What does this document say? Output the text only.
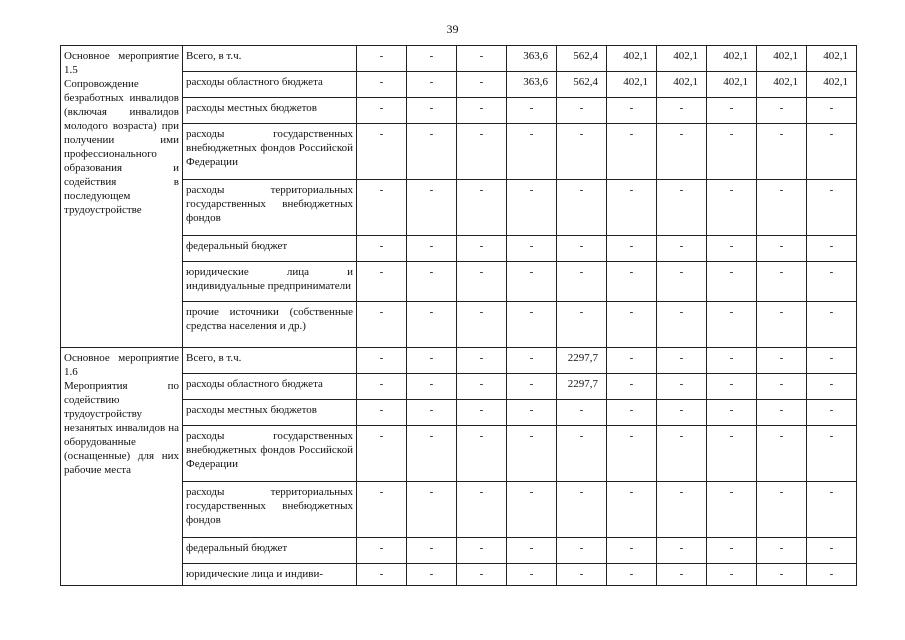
39
Основное мероприятие 1.5
Сопровождение безработных инвалидов (включая инвалидов молодого возраста) при получении ими профессионального образования и содействия в последующем трудоустройстве	Всего, в т.ч.	-	-	-	363,6	562,4	402,1	402,1	402,1	402,1	402,1
	расходы областного бюджета	-	-	-	363,6	562,4	402,1	402,1	402,1	402,1	402,1
	расходы местных бюджетов	-	-	-	-	-	-	-	-	-	-
	расходы государственных внебюджетных фондов Российской Федерации	-	-	-	-	-	-	-	-	-	-
	расходы территориальных государственных внебюджетных фондов	-	-	-	-	-	-	-	-	-	-
	федеральный бюджет	-	-	-	-	-	-	-	-	-	-
	юридические лица и индивидуальные предприниматели	-	-	-	-	-	-	-	-	-	-
	прочие источники (собственные средства населения и др.)	-	-	-	-	-	-	-	-	-	-

Основное мероприятие 1.6
Мероприятия по содействию трудоустройству незанятых инвалидов на оборудованные (оснащенные) для них рабочие места	Всего, в т.ч.	-	-	-	-	2297,7	-	-	-	-	-
	расходы областного бюджета	-	-	-	-	2297,7	-	-	-	-	-
	расходы местных бюджетов	-	-	-	-	-	-	-	-	-	-
	расходы государственных внебюджетных фондов Российской Федерации	-	-	-	-	-	-	-	-	-	-
	расходы территориальных государственных внебюджетных фондов	-	-	-	-	-	-	-	-	-	-
	федеральный бюджет	-	-	-	-	-	-	-	-	-	-
	юридические лица и индиви-	-	-	-	-	-	-	-	-	-	-
